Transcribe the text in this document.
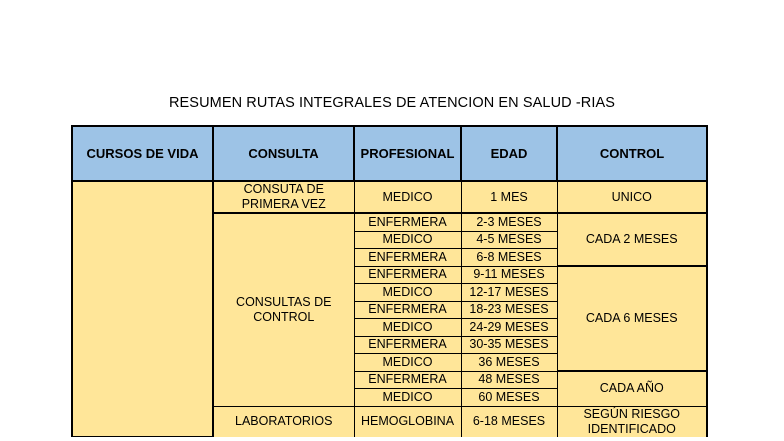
RESUMEN RUTAS INTEGRALES DE ATENCION EN SALUD -RIAS
CURSOS DE VIDA	CONSULTA	PROFESIONAL	EDAD	CONTROL
	CONSUTA DE PRIMERA VEZ	MEDICO	1 MES	UNICO
	CONSULTAS DE CONTROL	ENFERMERA	2-3 MESES	CADA 2 MESES
		MEDICO	4-5 MESES	
		ENFERMERA	6-8 MESES	
		ENFERMERA	9-11 MESES	CADA 6 MESES
		MEDICO	12-17 MESES	
		ENFERMERA	18-23 MESES	
		MEDICO	24-29 MESES	
		ENFERMERA	30-35 MESES	
		MEDICO	36 MESES	
		ENFERMERA	48 MESES	CADA AÑO
		MEDICO	60 MESES	
	LABORATORIOS	HEMOGLOBINA	6-18 MESES	SEGÚN RIESGO IDENTIFICADO
